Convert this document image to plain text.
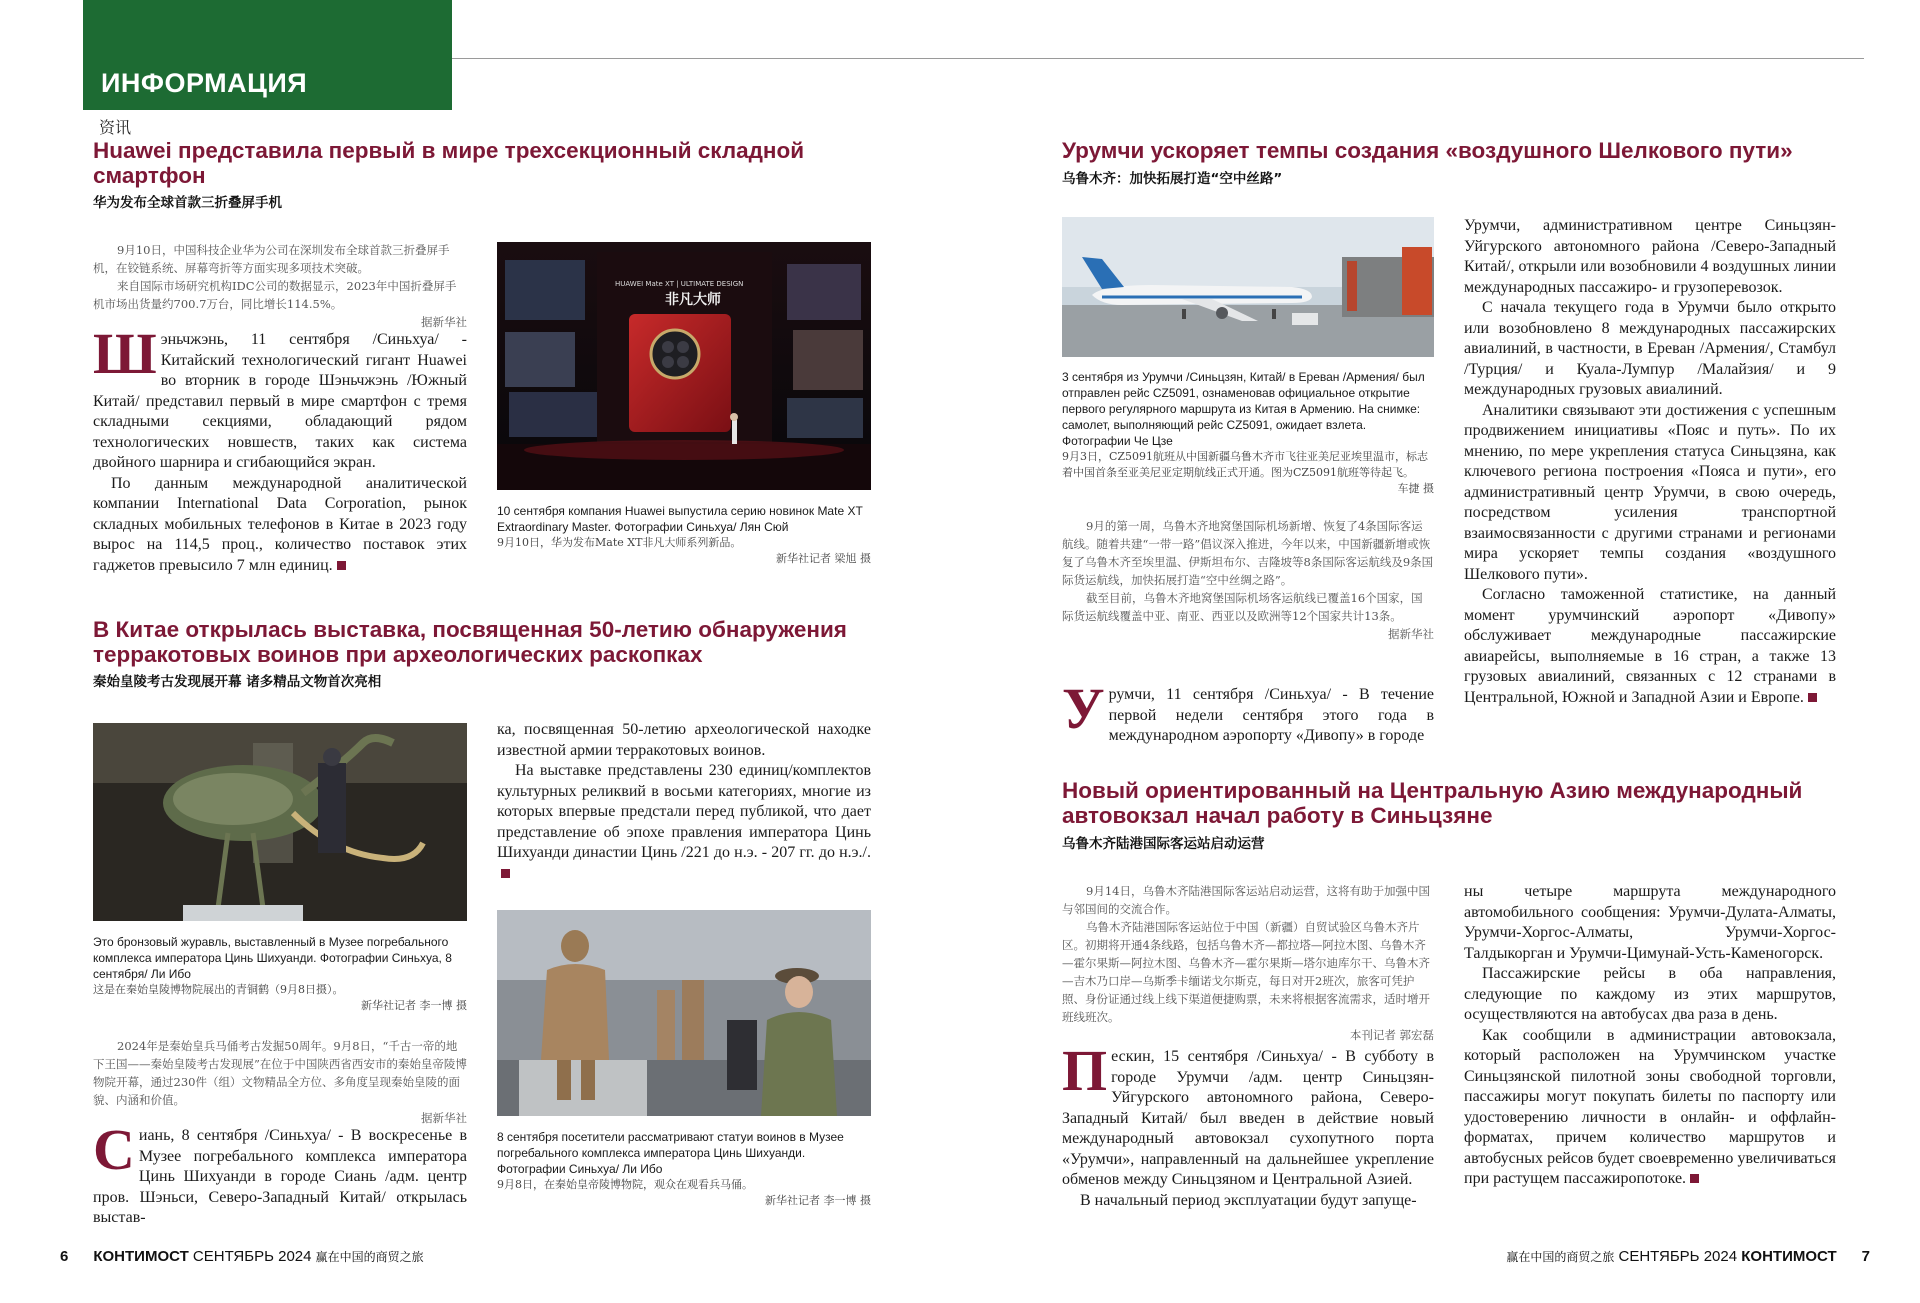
ИНФОРМАЦИЯ
资讯
Huawei представила первый в мире трехсекционный складной смартфон
华为发布全球首款三折叠屏手机
9月10日，中国科技企业华为公司在深圳发布全球首款三折叠屏手机，在铰链系统、屏幕弯折等方面实现多项技术突破。
来自国际市场研究机构IDC公司的数据显示，2023年中国折叠屏手机市场出货量约700.7万台，同比增长114.5%。
据新华社

Шэньчжэнь, 11 сентября /Синьхуа/ - Китайский технологический гигант Huawei во вторник в городе Шэньчжэнь /Южный Китай/ представил первый в мире смартфон с тремя складными секциями, обладающий рядом технологических новшеств, таких как система двойного шарнира и сгибающийся экран.

По данным международной аналитической компании International Data Corporation, рынок складных мобильных телефонов в Китае в 2023 году вырос на 114,5 проц., количество поставок этих гаджетов превысило 7 млн единиц.

HUAWEI Mate XT | ULTIMATE DESIGN
非凡大师
10 сентября компания Huawei выпустила серию новинок Mate XT Extraordinary Master. Фотографии Синьхуа/ Лян Сюй
9月10日，华为发布Mate XT非凡大师系列新品。
新华社记者 梁旭 摄
В Китае открылась выставка, посвященная 50-летию обнаружения терракотовых воинов при археологических раскопках
秦始皇陵考古发现展开幕 诸多精品文物首次亮相
Это бронзовый журавль, выставленный в Музее погребального комплекса императора Цинь Шихуанди. Фотографии Синьхуа, 8 сентября/ Ли Ибо
这是在秦始皇陵博物院展出的青铜鹤（9月8日摄）。
新华社记者 李一博 摄
2024年是秦始皇兵马俑考古发掘50周年。9月8日，“千古一帝的地下王国——秦始皇陵考古发现展”在位于中国陕西省西安市的秦始皇帝陵博物院开幕，通过230件（组）文物精品全方位、多角度呈现秦始皇陵的面貌、内涵和价值。
据新华社

Сиань, 8 сентября /Синьхуа/ - В воскресенье в Музее погребального комплекса императора Цинь Шихуанди в городе Сиань /адм. центр пров. Шэньси, Северо-Западный Китай/ открылась выстав-

ка, посвященная 50-летию археологической находке известной армии терракотовых воинов.

На выставке представлены 230 единиц/комплектов культурных реликвий в восьми категориях, многие из которых впервые предстали перед публикой, что дает представление об эпохе правления императора Цинь Шихуанди династии Цинь /221 до н.э. - 207 гг. до н.э./.

8 сентября посетители рассматривают статуи воинов в Музее погребального комплекса императора Цинь Шихуанди. Фотографии Синьхуа/ Ли Ибо
9月8日，在秦始皇帝陵博物院，观众在观看兵马俑。
新华社记者 李一博 摄
Урумчи ускоряет темпы создания «воздушного Шелкового пути»
乌鲁木齐：加快拓展打造“空中丝路”
3 сентября из Урумчи /Синьцзян, Китай/ в Ереван /Армения/ был отправлен рейс CZ5091, ознаменовав официальное открытие первого регулярного маршрута из Китая в Армению. На снимке: самолет, выполняющий рейс CZ5091, ожидает взлета. Фотографии Че Цзе
9月3日，CZ5091航班从中国新疆乌鲁木齐市飞往亚美尼亚埃里温市，标志着中国首条至亚美尼亚定期航线正式开通。图为CZ5091航班等待起飞。
车捷 摄
9月的第一周，乌鲁木齐地窝堡国际机场新增、恢复了4条国际客运航线。随着共建“一带一路”倡议深入推进，今年以来，中国新疆新增或恢复了乌鲁木齐至埃里温、伊斯坦布尔、吉隆坡等8条国际客运航线及9条国际货运航线，加快拓展打造“空中丝绸之路”。
截至目前，乌鲁木齐地窝堡国际机场客运航线已覆盖16个国家，国际货运航线覆盖中亚、南亚、西亚以及欧洲等12个国家共计13条。
据新华社

Урумчи, 11 сентября /Синьхуа/ - В течение первой недели сентября этого года в международном аэропорту «Дивопу» в городе

Урумчи, административном центре Синьцзян-Уйгурского автономного района /Северо-Западный Китай/, открыли или возобновили 4 воздушных линии международных пассажиро- и грузоперевозок.

С начала текущего года в Урумчи было открыто или возобновлено 8 международных пассажирских авиалиний, в частности, в Ереван /Армения/, Стамбул /Турция/ и Куала-Лумпур /Малайзия/ и 9 международных грузовых авиалиний.

Аналитики связывают эти достижения с успешным продвижением инициативы «Пояс и путь». По их мнению, по мере укрепления статуса Синьцзяна, как ключевого региона построения «Пояса и пути», его административный центр Урумчи, в свою очередь, посредством усиления транспортной взаимосвязанности с другими странами и регионами мира ускоряет темпы создания «воздушного Шелкового пути».

Согласно таможенной статистике, на данный момент урумчинский аэропорт «Дивопу» обслуживает международные пассажирские авиарейсы, выполняемые в 16 стран, а также 13 грузовых авиалиний, связанных с 12 странами в Центральной, Южной и Западной Азии и Европе.

Новый ориентированный на Центральную Азию международный автовокзал начал работу в Синьцзяне
乌鲁木齐陆港国际客运站启动运营
9月14日，乌鲁木齐陆港国际客运站启动运营，这将有助于加强中国与邻国间的交流合作。
乌鲁木齐陆港国际客运站位于中国（新疆）自贸试验区乌鲁木齐片区。初期将开通4条线路，包括乌鲁木齐—都拉塔—阿拉木图、乌鲁木齐—霍尔果斯—阿拉木图、乌鲁木齐—霍尔果斯—塔尔迪库尔干、乌鲁木齐—吉木乃口岸—乌斯季卡缅诺戈尔斯克，每日对开2班次，旅客可凭护照、身份证通过线上线下渠道便捷购票，未来将根据客流需求，适时增开班线班次。
本刊记者 郭宏磊

Пескин, 15 сентября /Синьхуа/ - В субботу в городе Урумчи /адм. центр Синьцзян-Уйгурского автономного района, Северо-Западный Китай/ был введен в действие новый международный автовокзал сухопутного порта «Урумчи», направленный на дальнейшее укрепление обменов между Синьцзяном и Центральной Азией.

В начальный период эксплуатации будут запуще-

ны четыре маршрута международного автомобильного сообщения: Урумчи-Дулата-Алматы, Урумчи-Хоргос-Алматы, Урумчи-Хоргос-Талдыкорган и Урумчи-Цимунай-Усть-Каменогорск.

Пассажирские рейсы в оба направления, следующие по каждому из этих маршрутов, осуществляются на автобусах два раза в день.

Как сообщили в администрации автовокзала, который расположен на Урумчинском участке Синьцзянской пилотной зоны свободной торговли, пассажиры могут покупать билеты по паспорту или удостоверению личности в онлайн- и оффлайн-форматах, причем количество маршрутов и автобусных рейсов будет своевременно увеличиваться при растущем пассажиропотоке.

6 КОНТИМОСТ СЕНТЯБРЬ 2024 赢在中国的商贸之旅	赢在中国的商贸之旅 СЕНТЯБРЬ 2024 КОНТИМОСТ 7
